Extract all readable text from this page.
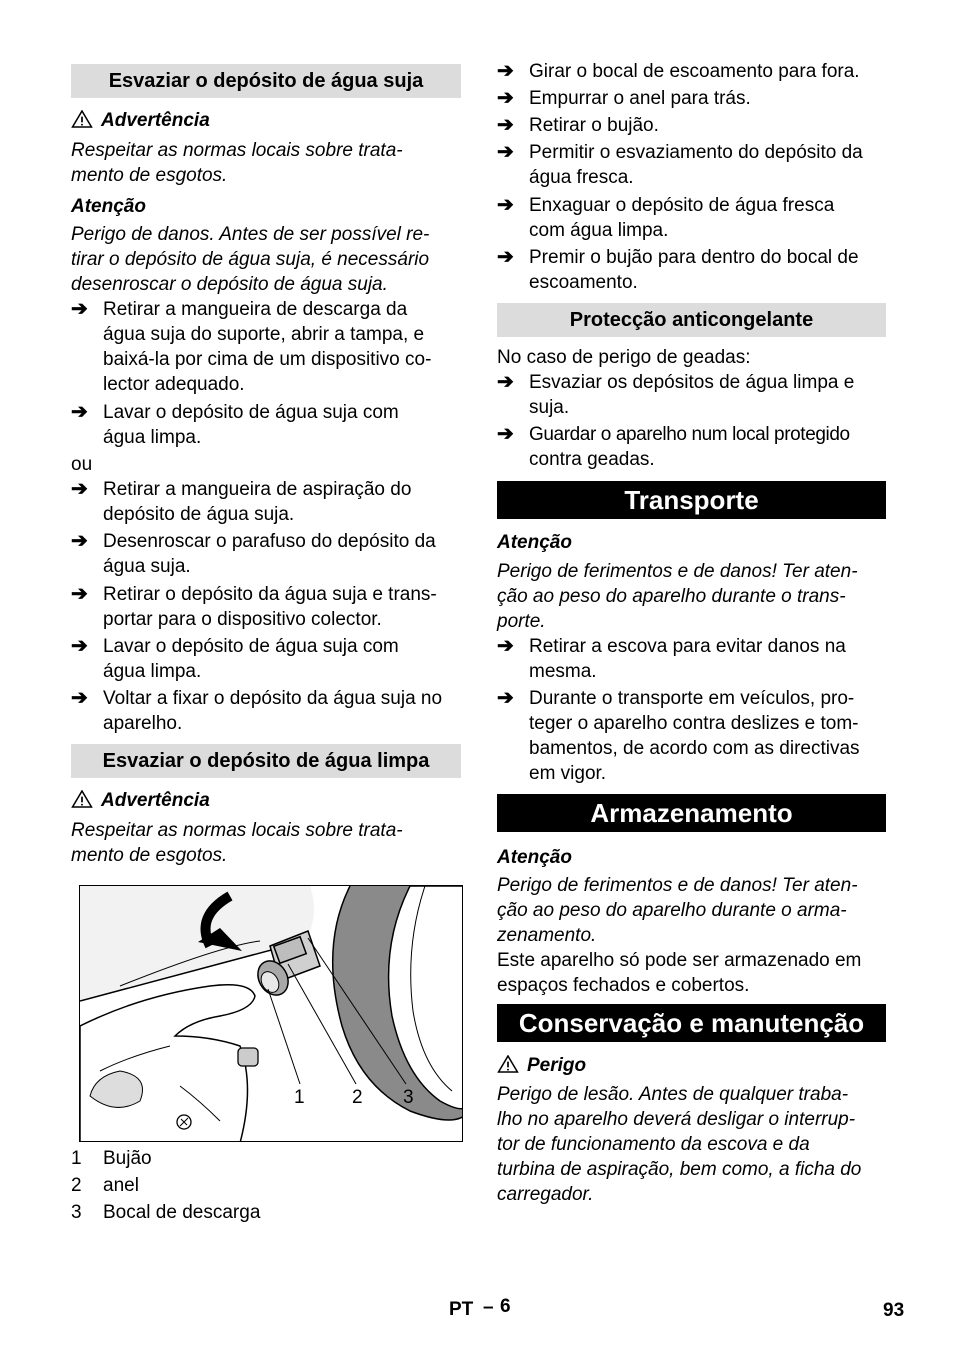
Esvaziar o depósito de água suja
Advertência
Respeitar as normas locais sobre trata-
mento de esgotos.
Atenção
Perigo de danos. Antes de ser possível re-
tirar o depósito de água suja, é necessário
desenroscar o depósito de água suja.
➔ Retirar a mangueira de descarga da
água suja do suporte, abrir a tampa, e
baixá-la por cima de um dispositivo co-
lector adequado.
➔ Lavar o depósito de água suja com
água limpa.
ou
➔ Retirar a mangueira de aspiração do
depósito de água suja.
➔ Desenroscar o parafuso do depósito da
água suja.
➔ Retirar o depósito da água suja e trans-
portar para o dispositivo colector.
➔ Lavar o depósito de água suja com
água limpa.
➔ Voltar a fixar o depósito da água suja no
aparelho.
Esvaziar o depósito de água limpa
Advertência
Respeitar as normas locais sobre trata-
mento de esgotos.
1 2 3
1 Bujão
2 anel
3 Bocal de descarga
➔ Girar o bocal de escoamento para fora.
➔ Empurrar o anel para trás.
➔ Retirar o bujão.
➔ Permitir o esvaziamento do depósito da
água fresca.
➔ Enxaguar o depósito de água fresca
com água limpa.
➔ Premir o bujão para dentro do bocal de
escoamento.
Protecção anticongelante
No caso de perigo de geadas:
➔ Esvaziar os depósitos de água limpa e
suja.
➔ Guardar o aparelho num local protegido
contra geadas.
Transporte
Atenção
Perigo de ferimentos e de danos! Ter aten-
ção ao peso do aparelho durante o trans-
porte.
➔ Retirar a escova para evitar danos na
mesma.
➔ Durante o transporte em veículos, pro-
teger o aparelho contra deslizes e tom-
bamentos, de acordo com as directivas
em vigor.
Armazenamento
Atenção
Perigo de ferimentos e de danos! Ter aten-
ção ao peso do aparelho durante o arma-
zenamento.
Este aparelho só pode ser armazenado em
espaços fechados e cobertos.
Conservação e manutenção
Perigo
Perigo de lesão. Antes de qualquer traba-
lho no aparelho deverá desligar o interrup-
tor de funcionamento da escova e da
turbina de aspiração, bem como, a ficha do
carregador.
PT – 6	93
